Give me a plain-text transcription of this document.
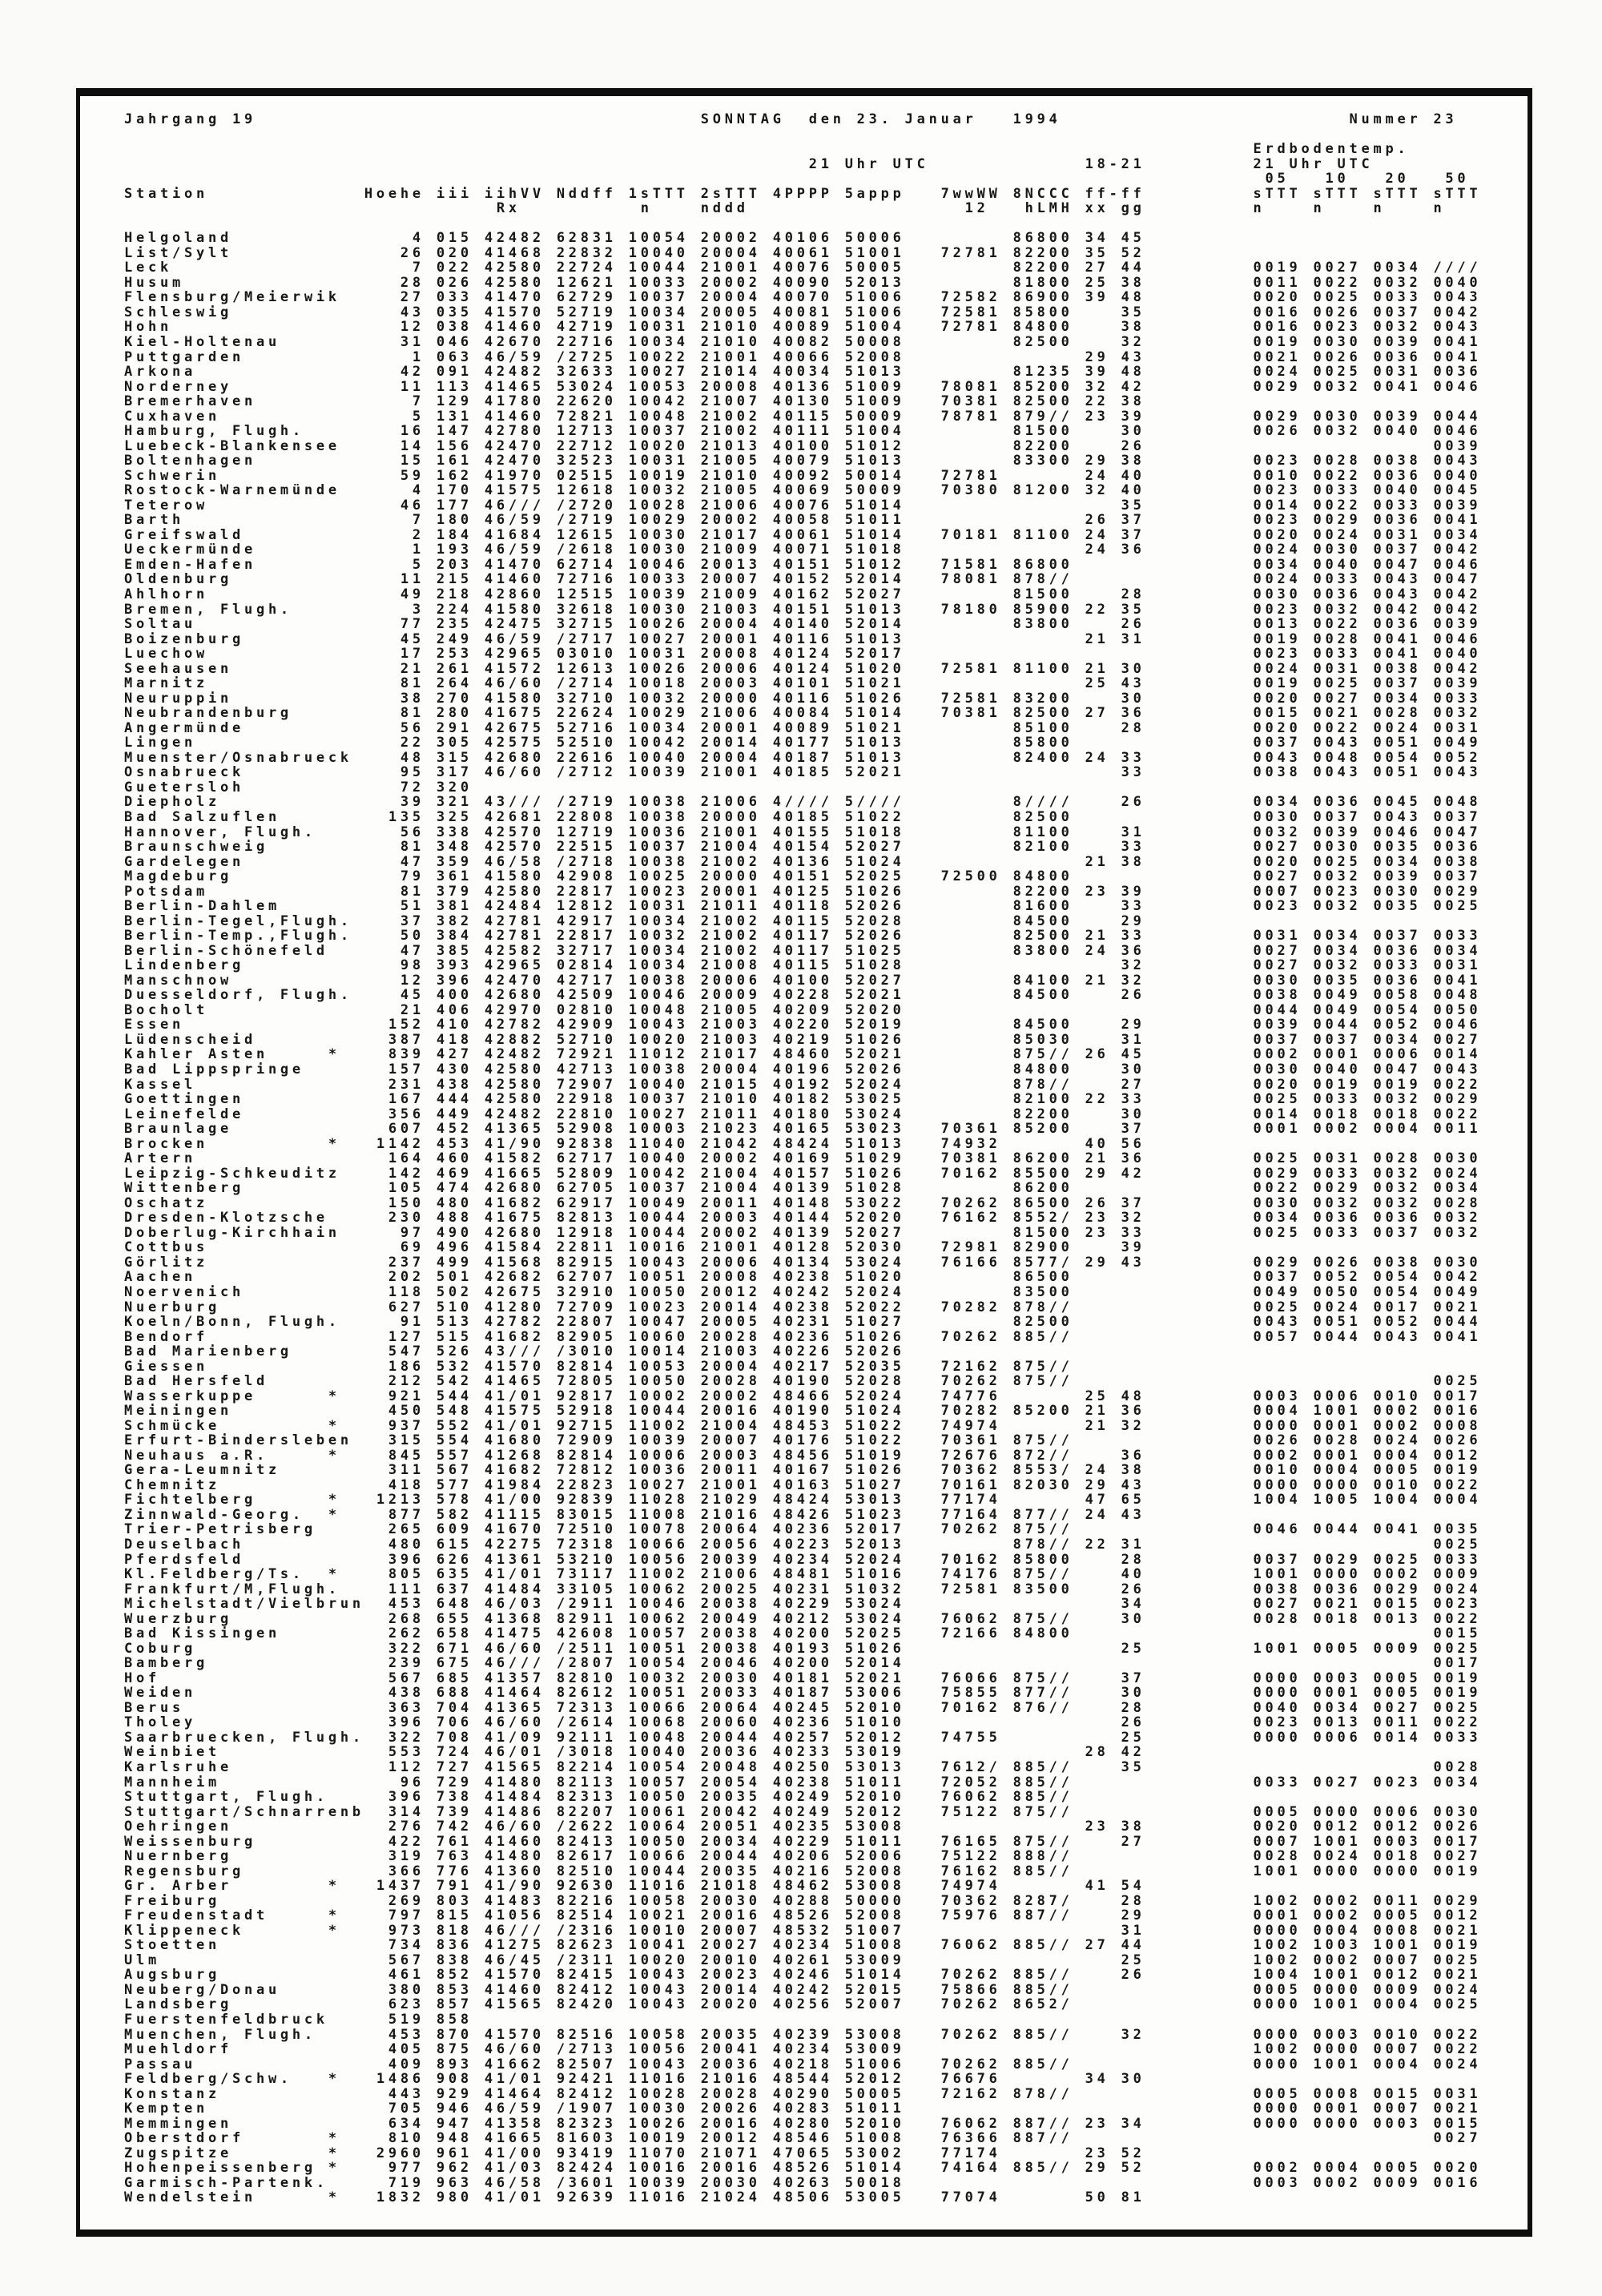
Jahrgang 19                                     SONNTAG  den 23. Januar   1994                        Nummer 23

Erdbodentemp.
21 Uhr UTC             18-21         21 Uhr UTC
05   10   20   50
Station             Hoehe iii iihVV Nddff 1sTTT 2sTTT 4PPPP 5appp   7wwWW 8NCCC ff-ff         sTTT sTTT sTTT sTTT
Rx          n    nddd                  12   hLMH xx gg         n    n    n    n

Helgoland               4 015 42482 62831 10054 20002 40106 50006         86800 34 45
List/Sylt              26 020 41468 22832 10040 20004 40061 51001   72781 82200 35 52
Leck                    7 022 42580 22724 10044 21001 40076 50005         82200 27 44         0019 0027 0034 ////
Husum                  28 026 42580 12621 10033 20002 40090 52013         81800 25 38         0011 0022 0032 0040
Flensburg/Meierwik     27 033 41470 62729 10037 20004 40070 51006   72582 86900 39 48         0020 0025 0033 0043
Schleswig              43 035 41570 52719 10034 20005 40081 51006   72581 85800    35         0016 0026 0037 0042
Hohn                   12 038 41460 42719 10031 21010 40089 51004   72781 84800    38         0016 0023 0032 0043
Kiel-Holtenau          31 046 42670 22716 10034 21010 40082 50008         82500    32         0019 0030 0039 0041
Puttgarden              1 063 46/59 /2725 10022 21001 40066 52008               29 43         0021 0026 0036 0041
Arkona                 42 091 42482 32633 10027 21014 40034 51013         81235 39 48         0024 0025 0031 0036
Norderney              11 113 41465 53024 10053 20008 40136 51009   78081 85200 32 42         0029 0032 0041 0046
Bremerhaven             7 129 41780 22620 10042 21007 40130 51009   70381 82500 22 38
Cuxhaven                5 131 41460 72821 10048 21002 40115 50009   78781 879// 23 39         0029 0030 0039 0044
Hamburg, Flugh.        16 147 42780 12713 10037 21002 40111 51004         81500    30         0026 0032 0040 0046
Luebeck-Blankensee     14 156 42470 22712 10020 21013 40100 51012         82200    26                        0039
Boltenhagen            15 161 42470 32523 10031 21005 40079 51013         83300 29 38         0023 0028 0038 0043
Schwerin               59 162 41970 02515 10019 21010 40092 50014   72781       24 40         0010 0022 0036 0040
Rostock-Warnemünde      4 170 41575 12618 10032 21005 40069 50009   70380 81200 32 40         0023 0033 0040 0045
Teterow                46 177 46/// /2720 10028 21006 40076 51014                  35         0014 0022 0033 0039
Barth                   7 180 46/59 /2719 10029 20002 40058 51011               26 37         0023 0029 0036 0041
Greifswald              2 184 41684 12615 10030 21017 40061 51014   70181 81100 24 37         0020 0024 0031 0034
Ueckermünde             1 193 46/59 /2618 10030 21009 40071 51018               24 36         0024 0030 0037 0042
Emden-Hafen             5 203 41470 62714 10046 20013 40151 51012   71581 86800               0034 0040 0047 0046
Oldenburg              11 215 41460 72716 10033 20007 40152 52014   78081 878//               0024 0033 0043 0047
Ahlhorn                49 218 42860 12515 10039 21009 40162 52027         81500    28         0030 0036 0043 0042
Bremen, Flugh.          3 224 41580 32618 10030 21003 40151 51013   78180 85900 22 35         0023 0032 0042 0042
Soltau                 77 235 42475 32715 10026 20004 40140 52014         83800    26         0013 0022 0036 0039
Boizenburg             45 249 46/59 /2717 10027 20001 40116 51013               21 31         0019 0028 0041 0046
Luechow                17 253 42965 03010 10031 20008 40124 52017                             0023 0033 0041 0040
Seehausen              21 261 41572 12613 10026 20006 40124 51020   72581 81100 21 30         0024 0031 0038 0042
Marnitz                81 264 46/60 /2714 10018 20003 40101 51021               25 43         0019 0025 0037 0039
Neuruppin              38 270 41580 32710 10032 20000 40116 51026   72581 83200    30         0020 0027 0034 0033
Neubrandenburg         81 280 41675 22624 10029 21006 40084 51014   70381 82500 27 36         0015 0021 0028 0032
Angermünde             56 291 42675 52716 10034 20001 40089 51021         85100    28         0020 0022 0024 0031
Lingen                 22 305 42575 52510 10042 20014 40177 51013         85800               0037 0043 0051 0049
Muenster/Osnabrueck    48 315 42680 22616 10040 20004 40187 51013         82400 24 33         0043 0048 0054 0052
Osnabrueck             95 317 46/60 /2712 10039 21001 40185 52021                  33         0038 0043 0051 0043
Guetersloh             72 320
Diepholz               39 321 43/// /2719 10038 21006 4//// 5////         8////    26         0034 0036 0045 0048
Bad Salzuflen         135 325 42681 22808 10038 20000 40185 51022         82500               0030 0037 0043 0037
Hannover, Flugh.       56 338 42570 12719 10036 21001 40155 51018         81100    31         0032 0039 0046 0047
Braunschweig           81 348 42570 22515 10037 21004 40154 52027         82100    33         0027 0030 0035 0036
Gardelegen             47 359 46/58 /2718 10038 21002 40136 51024               21 38         0020 0025 0034 0038
Magdeburg              79 361 41580 42908 10025 20000 40151 52025   72500 84800               0027 0032 0039 0037
Potsdam                81 379 42580 22817 10023 20001 40125 51026         82200 23 39         0007 0023 0030 0029
Berlin-Dahlem          51 381 42484 12812 10031 21011 40118 52026         81600    33         0023 0032 0035 0025
Berlin-Tegel,Flugh.    37 382 42781 42917 10034 21002 40115 52028         84500    29
Berlin-Temp.,Flugh.    50 384 42781 22817 10032 21002 40117 52026         82500 21 33         0031 0034 0037 0033
Berlin-Schönefeld      47 385 42582 32717 10034 21002 40117 51025         83800 24 36         0027 0034 0036 0034
Lindenberg             98 393 42965 02814 10034 21008 40115 51028                  32         0027 0032 0033 0031
Manschnow              12 396 42470 42717 10038 20006 40100 52027         84100 21 32         0030 0035 0036 0041
Duesseldorf, Flugh.    45 400 42680 42509 10046 20009 40228 52021         84500    26         0038 0049 0058 0048
Bocholt                21 406 42970 02810 10048 21005 40209 52020                             0044 0049 0054 0050
Essen                 152 410 42782 42909 10043 21003 40220 52019         84500    29         0039 0044 0052 0046
Lüdenscheid           387 418 42882 52710 10020 21003 40219 51026         85030    31         0037 0037 0034 0027
Kahler Asten     *    839 427 42482 72921 11012 21017 48460 52021         875// 26 45         0002 0001 0006 0014
Bad Lippspringe       157 430 42580 42713 10038 20004 40196 52026         84800    30         0030 0040 0047 0043
Kassel                231 438 42580 72907 10040 21015 40192 52024         878//    27         0020 0019 0019 0022
Goettingen            167 444 42580 22918 10037 21010 40182 53025         82100 22 33         0025 0033 0032 0029
Leinefelde            356 449 42482 22810 10027 21011 40180 53024         82200    30         0014 0018 0018 0022
Braunlage             607 452 41365 52908 10003 21023 40165 53023   70361 85200    37         0001 0002 0004 0011
Brocken          *   1142 453 41/90 92838 11040 21042 48424 51013   74932       40 56
Artern                164 460 41582 62717 10040 20002 40169 51029   70381 86200 21 36         0025 0031 0028 0030
Leipzig-Schkeuditz    142 469 41665 52809 10042 21004 40157 51026   70162 85500 29 42         0029 0033 0032 0024
Wittenberg            105 474 42680 62705 10037 21004 40139 51028         86200               0022 0029 0032 0034
Oschatz               150 480 41682 62917 10049 20011 40148 53022   70262 86500 26 37         0030 0032 0032 0028
Dresden-Klotzsche     230 488 41675 82813 10044 20003 40144 52020   76162 8552/ 23 32         0034 0036 0036 0032
Doberlug-Kirchhain     97 490 42680 12918 10044 20002 40139 52027         81500 23 33         0025 0033 0037 0032
Cottbus                69 496 41584 22811 10016 21001 40128 52030   72981 82900    39
Görlitz               237 499 41568 82915 10043 20006 40134 53024   76166 8577/ 29 43         0029 0026 0038 0030
Aachen                202 501 42682 62707 10051 20008 40238 51020         86500               0037 0052 0054 0042
Noervenich            118 502 42675 32910 10050 20012 40242 52024         83500               0049 0050 0054 0049
Nuerburg              627 510 41280 72709 10023 20014 40238 52022   70282 878//               0025 0024 0017 0021
Koeln/Bonn, Flugh.     91 513 42782 22807 10047 20005 40231 51027         82500               0043 0051 0052 0044
Bendorf               127 515 41682 82905 10060 20028 40236 51026   70262 885//               0057 0044 0043 0041
Bad Marienberg        547 526 43/// /3010 10014 21003 40226 52026
Giessen               186 532 41570 82814 10053 20004 40217 52035   72162 875//
Bad Hersfeld          212 542 41465 72805 10050 20028 40190 52028   70262 875//                              0025
Wasserkuppe      *    921 544 41/01 92817 10002 20002 48466 52024   74776       25 48         0003 0006 0010 0017
Meiningen             450 548 41575 52918 10044 20016 40190 51024   70282 85200 21 36         0004 1001 0002 0016
Schmücke         *    937 552 41/01 92715 11002 21004 48453 51022   74974       21 32         0000 0001 0002 0008
Erfurt-Bindersleben   315 554 41680 72909 10039 20007 40176 51022   70361 875//               0026 0028 0024 0026
Neuhaus a.R.     *    845 557 41268 82814 10006 20003 48456 51019   72676 872//    36         0002 0001 0004 0012
Gera-Leumnitz         311 567 41682 72812 10036 20011 40167 51026   70362 8553/ 24 38         0010 0004 0005 0019
Chemnitz              418 577 41984 22823 10027 21001 40163 51027   70161 82030 29 43         0000 0000 0010 0022
Fichtelberg      *   1213 578 41/00 92839 11028 21029 48424 53013   77174       47 65         1004 1005 1004 0004
Zinnwald-Georg.  *    877 582 41115 83015 11008 21016 48426 51023   77164 877// 24 43
Trier-Petrisberg      265 609 41670 72510 10078 20064 40236 52017   70262 875//               0046 0044 0041 0035
Deuselbach            480 615 42275 72318 10066 20056 40223 52013         878// 22 31                        0025
Pferdsfeld            396 626 41361 53210 10056 20039 40234 52024   70162 85800    28         0037 0029 0025 0033
Kl.Feldberg/Ts.  *    805 635 41/01 73117 11002 21006 48481 51016   74176 875//    40         1001 0000 0002 0009
Frankfurt/M,Flugh.    111 637 41484 33105 10062 20025 40231 51032   72581 83500    26         0038 0036 0029 0024
Michelstadt/Vielbrun  453 648 46/03 /2911 10046 20038 40229 53024                  34         0027 0021 0015 0023
Wuerzburg             268 655 41368 82911 10062 20049 40212 53024   76062 875//    30         0028 0018 0013 0022
Bad Kissingen         262 658 41475 42608 10057 20038 40200 52025   72166 84800                              0015
Coburg                322 671 46/60 /2511 10051 20038 40193 51026                  25         1001 0005 0009 0025
Bamberg               239 675 46/// /2807 10054 20046 40200 52014                                            0017
Hof                   567 685 41357 82810 10032 20030 40181 52021   76066 875//    37         0000 0003 0005 0019
Weiden                438 688 41464 82612 10051 20033 40187 53006   75855 877//    30         0000 0001 0005 0019
Berus                 363 704 41365 72313 10066 20064 40245 52010   70162 876//    28         0040 0034 0027 0025
Tholey                396 706 46/60 /2614 10068 20060 40236 51010                  26         0023 0013 0011 0022
Saarbruecken, Flugh.  322 708 41/09 92111 10048 20044 40257 52012   74755          25         0000 0006 0014 0033
Weinbiet              553 724 46/01 /3018 10040 20036 40233 53019               28 42
Karlsruhe             112 727 41565 82214 10054 20048 40250 53013   7612/ 885//    35                        0028
Mannheim               96 729 41480 82113 10057 20054 40238 51011   72052 885//               0033 0027 0023 0034
Stuttgart, Flugh.     396 738 41484 82313 10050 20035 40249 52010   76062 885//
Stuttgart/Schnarrenb  314 739 41486 82207 10061 20042 40249 52012   75122 875//               0005 0000 0006 0030
Oehringen             276 742 46/60 /2622 10064 20051 40235 53008               23 38         0020 0012 0012 0026
Weissenburg           422 761 41460 82413 10050 20034 40229 51011   76165 875//    27         0007 1001 0003 0017
Nuernberg             319 763 41480 82617 10066 20044 40206 52006   75122 888//               0028 0024 0018 0027
Regensburg            366 776 41360 82510 10044 20035 40216 52008   76162 885//               1001 0000 0000 0019
Gr. Arber        *   1437 791 41/90 92630 11016 21018 48462 53008   74974       41 54
Freiburg              269 803 41483 82216 10058 20030 40288 50000   70362 8287/    28         1002 0002 0011 0029
Freudenstadt     *    797 815 41056 82514 10021 20016 48526 52008   75976 887//    29         0001 0002 0005 0012
Klippeneck       *    973 818 46/// /2316 10010 20007 48532 51007                  31         0000 0004 0008 0021
Stoetten              734 836 41275 82623 10041 20027 40234 51008   76062 885// 27 44         1002 1003 1001 0019
Ulm                   567 838 46/45 /2311 10020 20010 40261 53009                  25         1002 0002 0007 0025
Augsburg              461 852 41570 82415 10043 20023 40246 51014   70262 885//    26         1004 1001 0012 0021
Neuberg/Donau         380 853 41460 82412 10043 20014 40242 52015   75866 885//               0005 0000 0009 0024
Landsberg             623 857 41565 82420 10043 20020 40256 52007   70262 8652/               0000 1001 0004 0025
Fuerstenfeldbruck     519 858
Muenchen, Flugh.      453 870 41570 82516 10058 20035 40239 53008   70262 885//    32         0000 0003 0010 0022
Muehldorf             405 875 46/60 /2713 10056 20041 40234 53009                             1002 0000 0007 0022
Passau                409 893 41662 82507 10043 20036 40218 51006   70262 885//               0000 1001 0004 0024
Feldberg/Schw.   *   1486 908 41/01 92421 11016 21016 48544 52012   76676       34 30
Konstanz              443 929 41464 82412 10028 20028 40290 50005   72162 878//               0005 0008 0015 0031
Kempten               705 946 46/59 /1907 10030 20026 40283 51011                             0000 0001 0007 0021
Memmingen             634 947 41358 82323 10026 20016 40280 52010   76062 887// 23 34         0000 0000 0003 0015
Oberstdorf       *    810 948 41665 81603 10019 20012 48546 51008   76366 887//                              0027
Zugspitze        *   2960 961 41/00 93419 11070 21071 47065 53002   77174       23 52
Hohenpeissenberg *    977 962 41/03 82424 10016 20016 48526 51014   74164 885// 29 52         0002 0004 0005 0020
Garmisch-Partenk.     719 963 46/58 /3601 10039 20030 40263 50018                             0003 0002 0009 0016
Wendelstein      *   1832 980 41/01 92639 11016 21024 48506 53005   77074       50 81
